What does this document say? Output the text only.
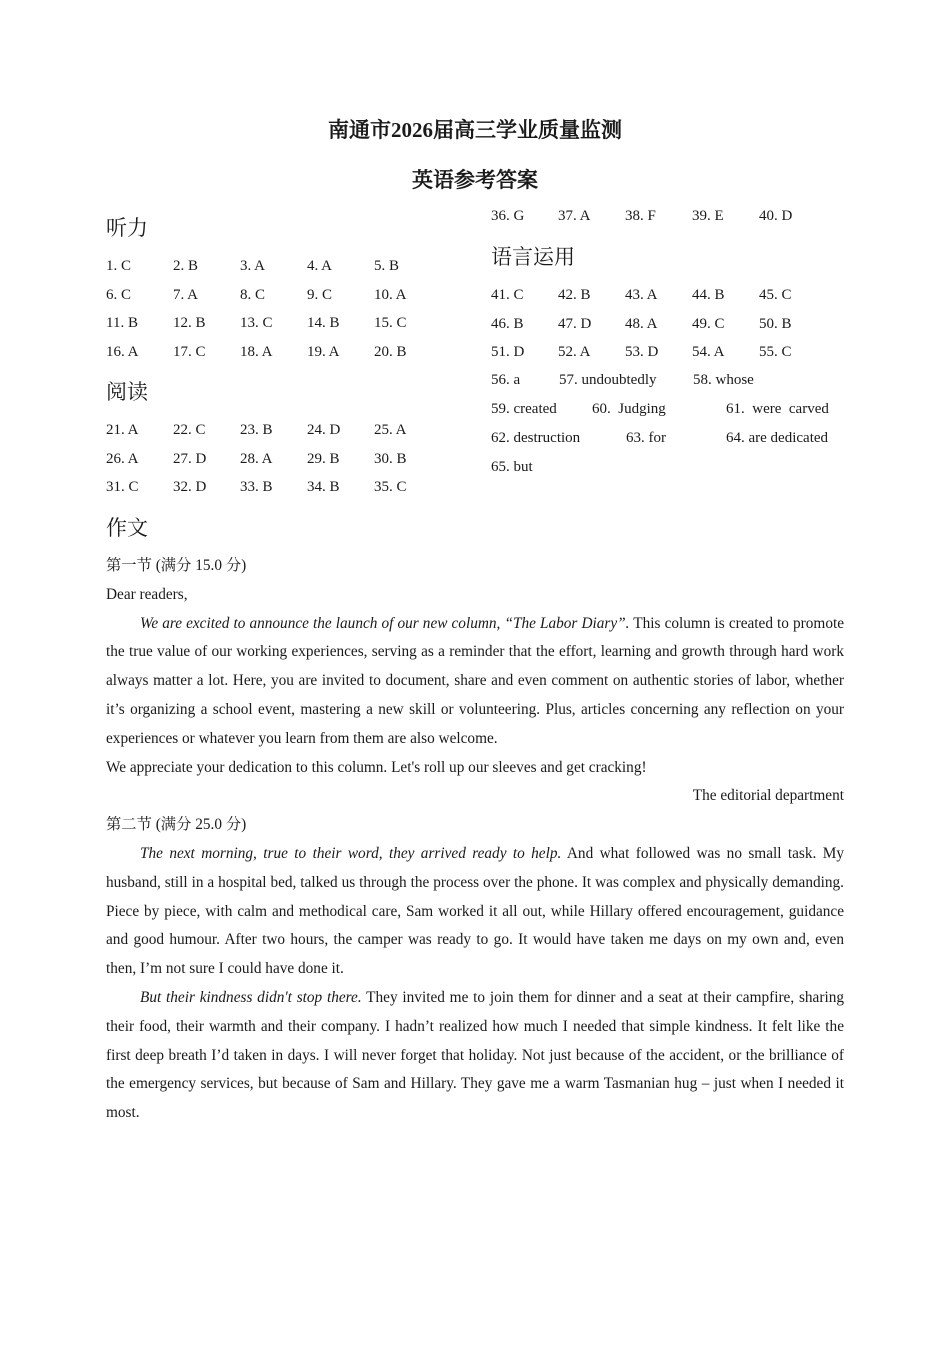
南通市2026届高三学业质量监测
英语参考答案
听力
1. C	2. B	3. A	4. A	5. B
6. C	7. A	8. C	9. C	10. A
11. B	12. B	13. C	14. B	15. C
16. A	17. C	18. A	19. A	20. B
阅读
21. A	22. C	23. B	24. D	25. A
26. A	27. D	28. A	29. B	30. B
31. C	32. D	33. B	34. B	35. C
36. G	37. A	38. F	39. E	40. D
语言运用
41. C	42. B	43. A	44. B	45. C
46. B	47. D	48. A	49. C	50. B
51. D	52. A	53. D	54. A	55. C
56. a	57. undoubtedly 58. whose
59. created 60.  Judging	61.  were  carved
62. destruction	63. for	64. are dedicated
65. but
作文

第一节 (满分 15.0 分)

Dear readers,

We are excited to announce the launch of our new column, “The Labor Diary”. This column is created to promote the true value of our working experiences, serving as a reminder that the effort, learning and growth through hard work always matter a lot. Here, you are invited to document, share and even comment on authentic stories of labor, whether it’s organizing a school event, mastering a new skill or volunteering. Plus, articles concerning any reflection on your experiences or whatever you learn from them are also welcome.

We appreciate your dedication to this column. Let's roll up our sleeves and get cracking!

The editorial department

第二节 (满分 25.0 分)

The next morning, true to their word, they arrived ready to help. And what followed was no small task. My husband, still in a hospital bed, talked us through the process over the phone. It was complex and physically demanding. Piece by piece, with calm and methodical care, Sam worked it all out, while Hillary offered encouragement, guidance and good humour. After two hours, the camper was ready to go. It would have taken me days on my own and, even then, I’m not sure I could have done it.

But their kindness didn't stop there. They invited me to join them for dinner and a seat at their campfire, sharing their food, their warmth and their company. I hadn’t realized how much I needed that simple kindness. It felt like the first deep breath I’d taken in days. I will never forget that holiday. Not just because of the accident, or the brilliance of the emergency services, but because of Sam and Hillary. They gave me a warm Tasmanian hug – just when I needed it most.
